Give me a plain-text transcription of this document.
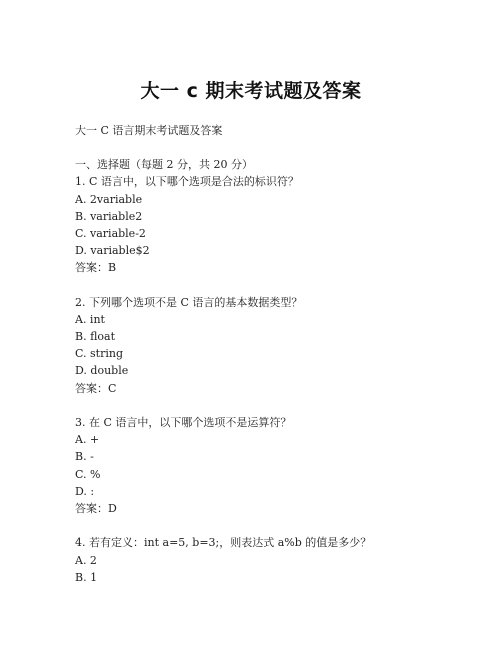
大一 c 期末考试题及答案
大一 C 语言期末考试题及答案
一、选择题（每题 2 分，共 20 分）
1. C 语言中，以下哪个选项是合法的标识符？
A. 2variable
B. variable2
C. variable-2
D. variable$2
答案：B
2. 下列哪个选项不是 C 语言的基本数据类型？
A. int
B. float
C. string
D. double
答案：C
3. 在 C 语言中，以下哪个选项不是运算符？
A. +
B. -
C. %
D. :
答案：D
4. 若有定义：int a=5, b=3;，则表达式 a%b 的值是多少？
A. 2
B. 1
